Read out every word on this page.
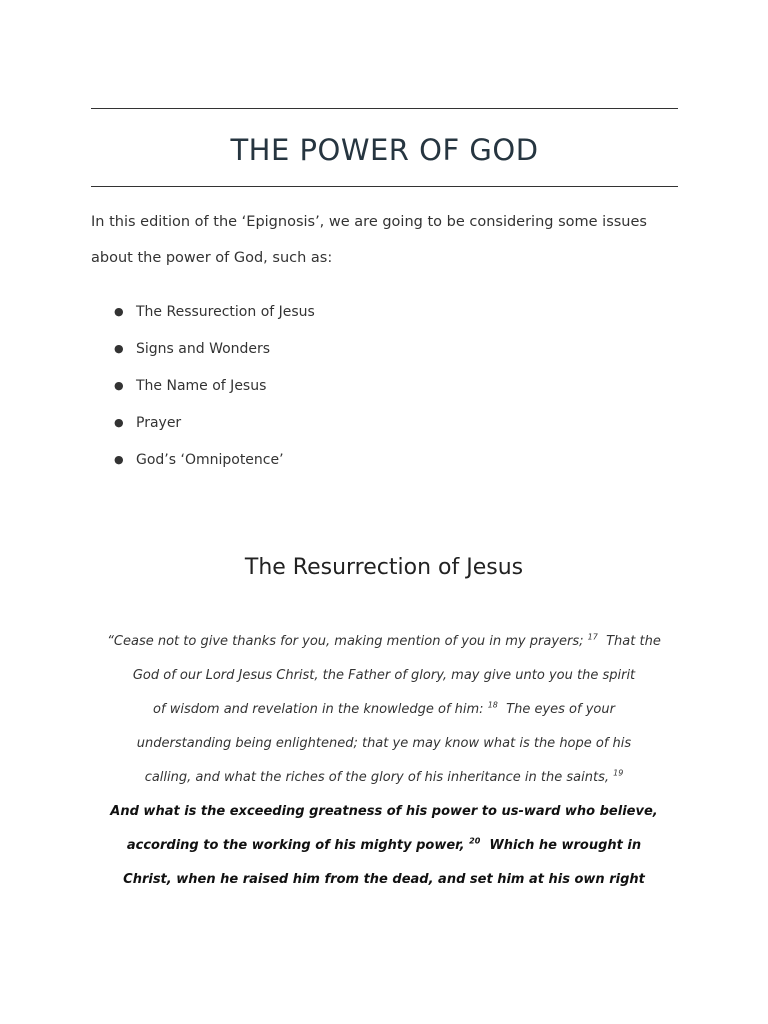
THE POWER OF GOD

In this edition of the ‘Epignosis’, we are going to be considering some issues about the power of God, such as:

● The Ressurection of Jesus
● Signs and Wonders
● The Name of Jesus
● Prayer
● God’s ‘Omnipotence’
The Resurrection of Jesus
“Cease not to give thanks for you, making mention of you in my prayers; $^{17}$ That the
God of our Lord Jesus Christ, the Father of glory, may give unto you the spirit
of wisdom and revelation in the knowledge of him: $^{18}$ The eyes of your
understanding being enlightened; that ye may know what is the hope of his
calling, and what the riches of the glory of his inheritance in the saints, $^{19}$
And what is the exceeding greatness of his power to us-ward who believe,
according to the working of his mighty power, $^{20}$ Which he wrought in
Christ, when he raised him from the dead, and set him at his own right
